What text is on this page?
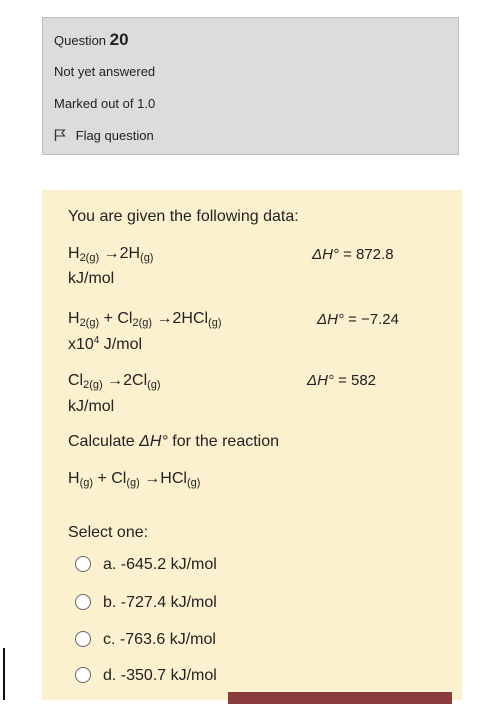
Question 20
Not yet answered
Marked out of 1.0
Flag question
You are given the following data:
$H_{2(g)} \to 2H_{(g)}$	ΔH° = 872.8
kJ/mol
$H_{2(g)} + Cl_{2(g)} \to 2HCl_{(g)}$	ΔH° = −7.24
$x10^4$ J/mol
$Cl_{2(g)} \to 2Cl_{(g)}$	ΔH° = 582
kJ/mol
Calculate ΔH° for the reaction
$H_{(g)} + Cl_{(g)} \to HCl_{(g)}$
Select one:
a. -645.2 kJ/mol
b. -727.4 kJ/mol
c. -763.6 kJ/mol
d. -350.7 kJ/mol
